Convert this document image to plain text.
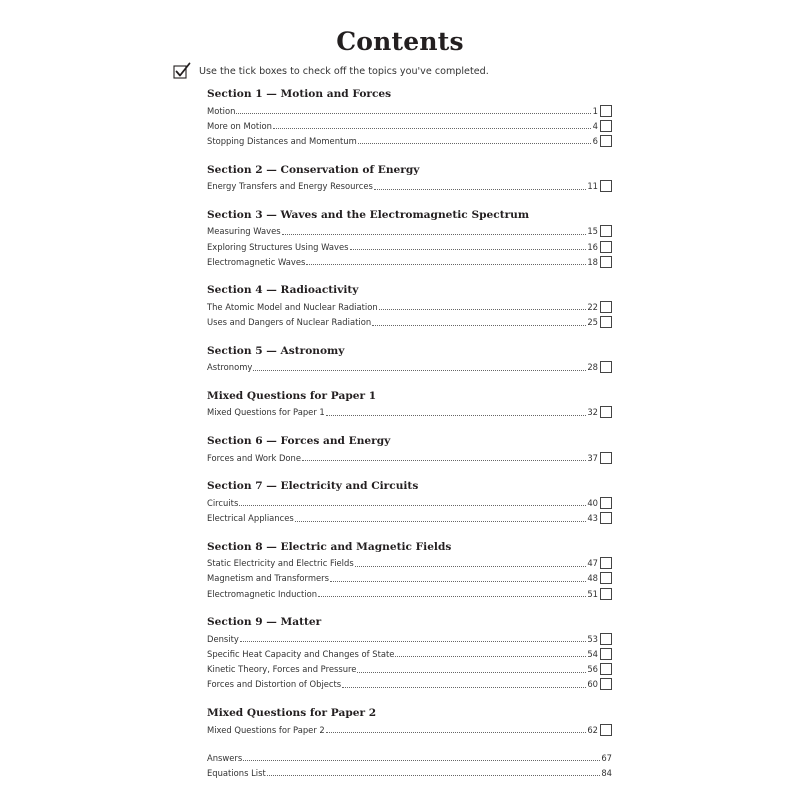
Contents
Use the tick boxes to check off the topics you've completed.
Section 1 — Motion and Forces
Motion	1
More on Motion	4
Stopping Distances and Momentum	6
Section 2 — Conservation of Energy
Energy Transfers and Energy Resources	11
Section 3 — Waves and the Electromagnetic Spectrum
Measuring Waves	15
Exploring Structures Using Waves	16
Electromagnetic Waves	18
Section 4 — Radioactivity
The Atomic Model and Nuclear Radiation	22
Uses and Dangers of Nuclear Radiation	25
Section 5 — Astronomy
Astronomy	28
Mixed Questions for Paper 1
Mixed Questions for Paper 1	32
Section 6 — Forces and Energy
Forces and Work Done	37
Section 7 — Electricity and Circuits
Circuits	40
Electrical Appliances	43
Section 8 — Electric and Magnetic Fields
Static Electricity and Electric Fields	47
Magnetism and Transformers	48
Electromagnetic Induction	51
Section 9 — Matter
Density	53
Specific Heat Capacity and Changes of State	54
Kinetic Theory, Forces and Pressure	56
Forces and Distortion of Objects	60
Mixed Questions for Paper 2
Mixed Questions for Paper 2	62
Answers	67
Equations List	84
